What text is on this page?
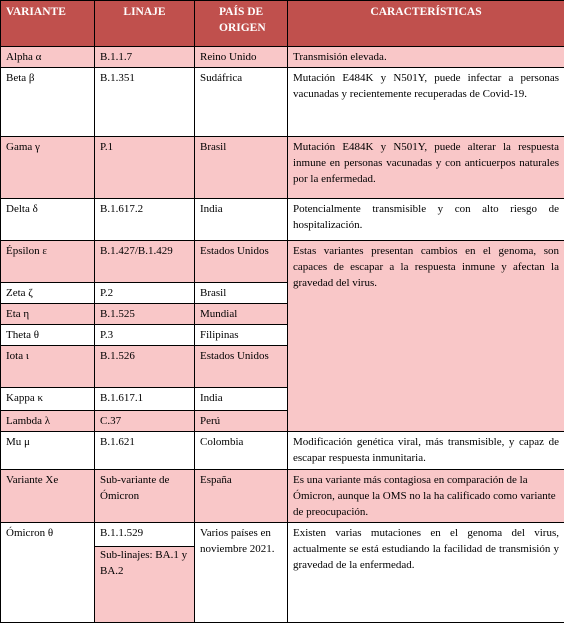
VARIANTE	LINAJE	PAÍS DE ORIGEN	CARACTERÍSTICAS
Alpha α	B.1.1.7	Reino Unido	Transmisión elevada.
Beta β	B.1.351	Sudáfrica	Mutación E484K y N501Y, puede infectar a personas vacunadas y recientemente recuperadas de Covid-19.
Gama γ	P.1	Brasil	Mutación E484K y N501Y, puede alterar la respuesta inmune en personas vacunadas y con anticuerpos naturales por la enfermedad.
Delta δ	B.1.617.2	India	Potencialmente transmisible y con alto riesgo de hospitalización.
Épsilon ε	B.1.427/B.1.429	Estados Unidos	Estas variantes presentan cambios en el genoma, son capaces de escapar a la respuesta inmune y afectan la gravedad del virus.
Zeta ζ	P.2	Brasil	
Eta η	B.1.525	Mundial	
Theta θ	P.3	Filipinas	
Iota ι	B.1.526	Estados Unidos	
Kappa κ	B.1.617.1	India	
Lambda λ	C.37	Perú	
Mu μ	B.1.621	Colombia	Modificación genética viral, más transmisible, y capaz de escapar respuesta inmunitaria.
Variante Xe	Sub-variante de Ómicron	España	Es una variante más contagiosa en comparación de la Ómicron, aunque la OMS no la ha calificado como variante de preocupación.
Ómicron θ	B.1.1.529	Varios países en noviembre 2021.	Existen varias mutaciones en el genoma del virus, actualmente se está estudiando la facilidad de transmisión y gravedad de la enfermedad.
	Sub-linajes: BA.1 y BA.2		
